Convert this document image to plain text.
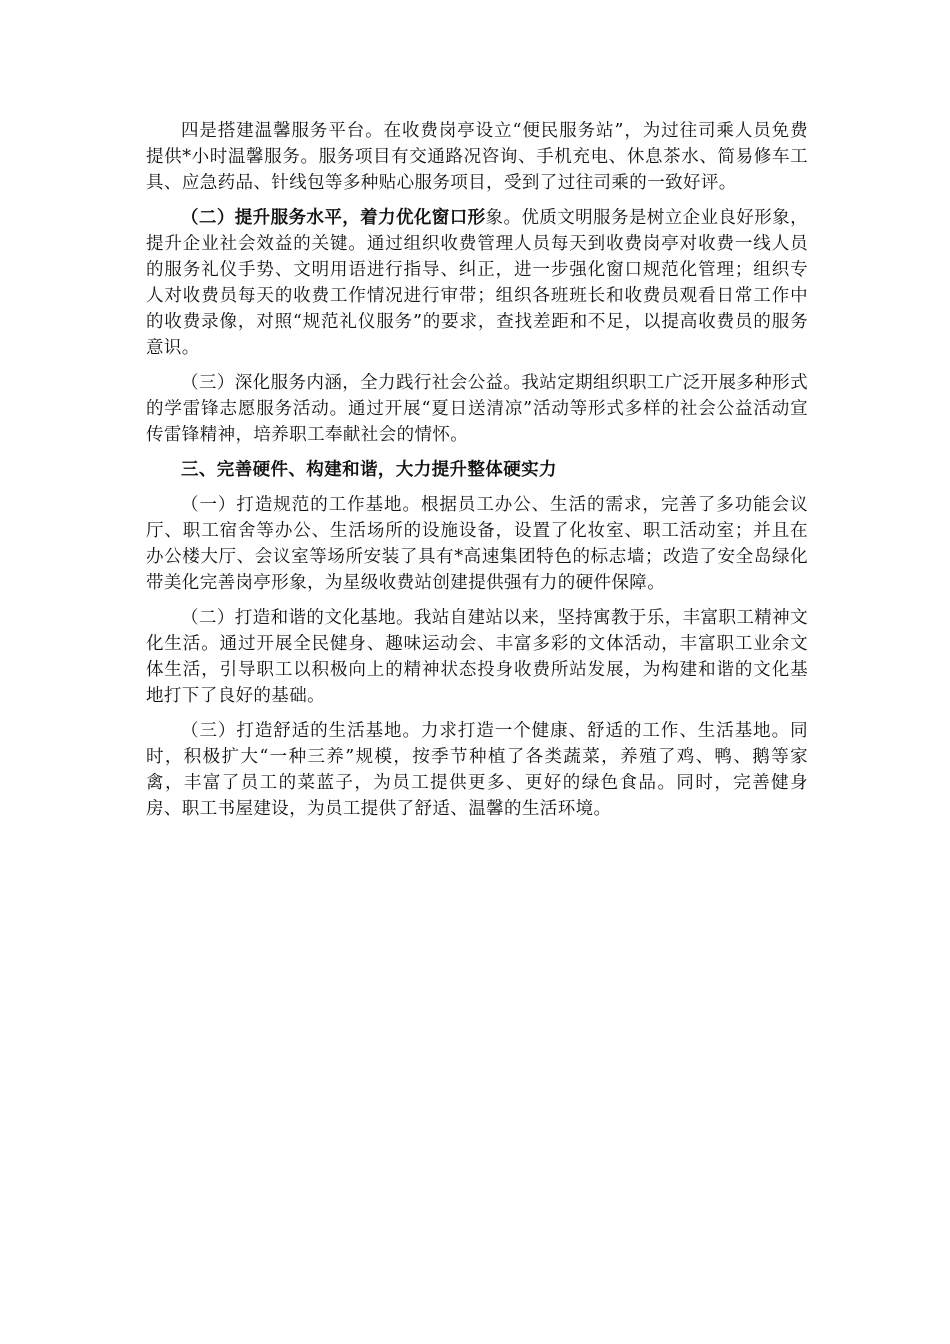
四是搭建温馨服务平台。在收费岗亭设立“便民服务站”，为过往司乘人员免费提供*小时温馨服务。服务项目有交通路况咨询、手机充电、休息茶水、简易修车工具、应急药品、针线包等多种贴心服务项目，受到了过往司乘的一致好评。

（二）提升服务水平，着力优化窗口形象。优质文明服务是树立企业良好形象，提升企业社会效益的关键。通过组织收费管理人员每天到收费岗亭对收费一线人员的服务礼仪手势、文明用语进行指导、纠正，进一步强化窗口规范化管理；组织专人对收费员每天的收费工作情况进行审带；组织各班班长和收费员观看日常工作中的收费录像，对照“规范礼仪服务”的要求，查找差距和不足，以提高收费员的服务意识。

（三）深化服务内涵，全力践行社会公益。我站定期组织职工广泛开展多种形式的学雷锋志愿服务活动。通过开展“夏日送清凉”活动等形式多样的社会公益活动宣传雷锋精神，培养职工奉献社会的情怀。

三、完善硬件、构建和谐，大力提升整体硬实力

（一）打造规范的工作基地。根据员工办公、生活的需求，完善了多功能会议厅、职工宿舍等办公、生活场所的设施设备，设置了化妆室、职工活动室；并且在办公楼大厅、会议室等场所安装了具有*高速集团特色的标志墙；改造了安全岛绿化带美化完善岗亭形象，为星级收费站创建提供强有力的硬件保障。

（二）打造和谐的文化基地。我站自建站以来，坚持寓教于乐，丰富职工精神文化生活。通过开展全民健身、趣味运动会、丰富多彩的文体活动，丰富职工业余文体生活，引导职工以积极向上的精神状态投身收费所站发展，为构建和谐的文化基地打下了良好的基础。

（三）打造舒适的生活基地。力求打造一个健康、舒适的工作、生活基地。同时，积极扩大“一种三养”规模，按季节种植了各类蔬菜，养殖了鸡、鸭、鹅等家禽，丰富了员工的菜蓝子，为员工提供更多、更好的绿色食品。同时，完善健身房、职工书屋建设，为员工提供了舒适、温馨的生活环境。
